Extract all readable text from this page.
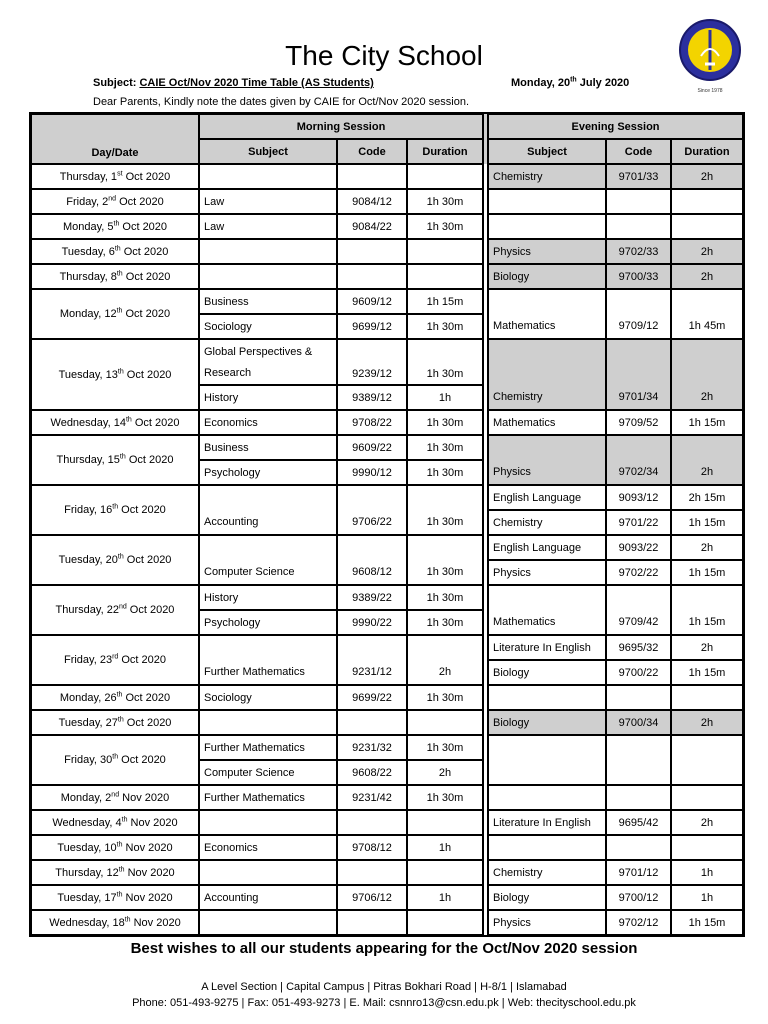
The City School
Since 1978
Subject: CAIE Oct/Nov 2020 Time Table (AS Students)	Monday, 20th July 2020
Dear Parents, Kindly note the dates given by CAIE for Oct/Nov 2020 session.
Day/Date	Morning Session				Evening Session		
	Subject	Code	Duration		Subject	Code	Duration
Thursday, 1st Oct 2020					Chemistry	9701/33	2h
Friday, 2nd Oct 2020	Law	9084/12	1h 30m				
Monday, 5th Oct 2020	Law	9084/22	1h 30m				
Tuesday, 6th Oct 2020					Physics	9702/33	2h
Thursday, 8th Oct 2020					Biology	9700/33	2h
Monday, 12th Oct 2020	Business	9609/12	1h 15m		Mathematics	9709/12	1h 45m
	Sociology	9699/12	1h 30m				
Tuesday, 13th Oct 2020	Global Perspectives &
Research	9239/12	1h 30m		Chemistry	9701/34	2h
	History	9389/12	1h				
Wednesday, 14th Oct 2020	Economics	9708/22	1h 30m		Mathematics	9709/52	1h 15m
Thursday, 15th Oct 2020	Business	9609/22	1h 30m		Physics	9702/34	2h
	Psychology	9990/12	1h 30m				
Friday, 16th Oct 2020	Accounting	9706/22	1h 30m		English Language	9093/12	2h 15m
					Chemistry	9701/22	1h 15m
Tuesday, 20th Oct 2020	Computer Science	9608/12	1h 30m		English Language	9093/22	2h
					Physics	9702/22	1h 15m
Thursday, 22nd Oct 2020	History	9389/22	1h 30m		Mathematics	9709/42	1h 15m
	Psychology	9990/22	1h 30m				
Friday, 23rd Oct 2020	Further Mathematics	9231/12	2h		Literature In English	9695/32	2h
					Biology	9700/22	1h 15m
Monday, 26th Oct 2020	Sociology	9699/22	1h 30m				
Tuesday, 27th Oct 2020					Biology	9700/34	2h
Friday, 30th Oct 2020	Further Mathematics	9231/32	1h 30m				
	Computer Science	9608/22	2h				
Monday, 2nd Nov 2020	Further Mathematics	9231/42	1h 30m				
Wednesday, 4th Nov 2020					Literature In English	9695/42	2h
Tuesday, 10th Nov 2020	Economics	9708/12	1h				
Thursday, 12th Nov 2020					Chemistry	9701/12	1h
Tuesday, 17th Nov 2020	Accounting	9706/12	1h		Biology	9700/12	1h
Wednesday, 18th Nov 2020					Physics	9702/12	1h 15m
Best wishes to all our students appearing for the Oct/Nov 2020 session
A Level Section | Capital Campus | Pitras Bokhari Road | H-8/1 | Islamabad
Phone: 051-493-9275 | Fax: 051-493-9273 | E. Mail: csnnro13@csn.edu.pk | Web: thecityschool.edu.pk
